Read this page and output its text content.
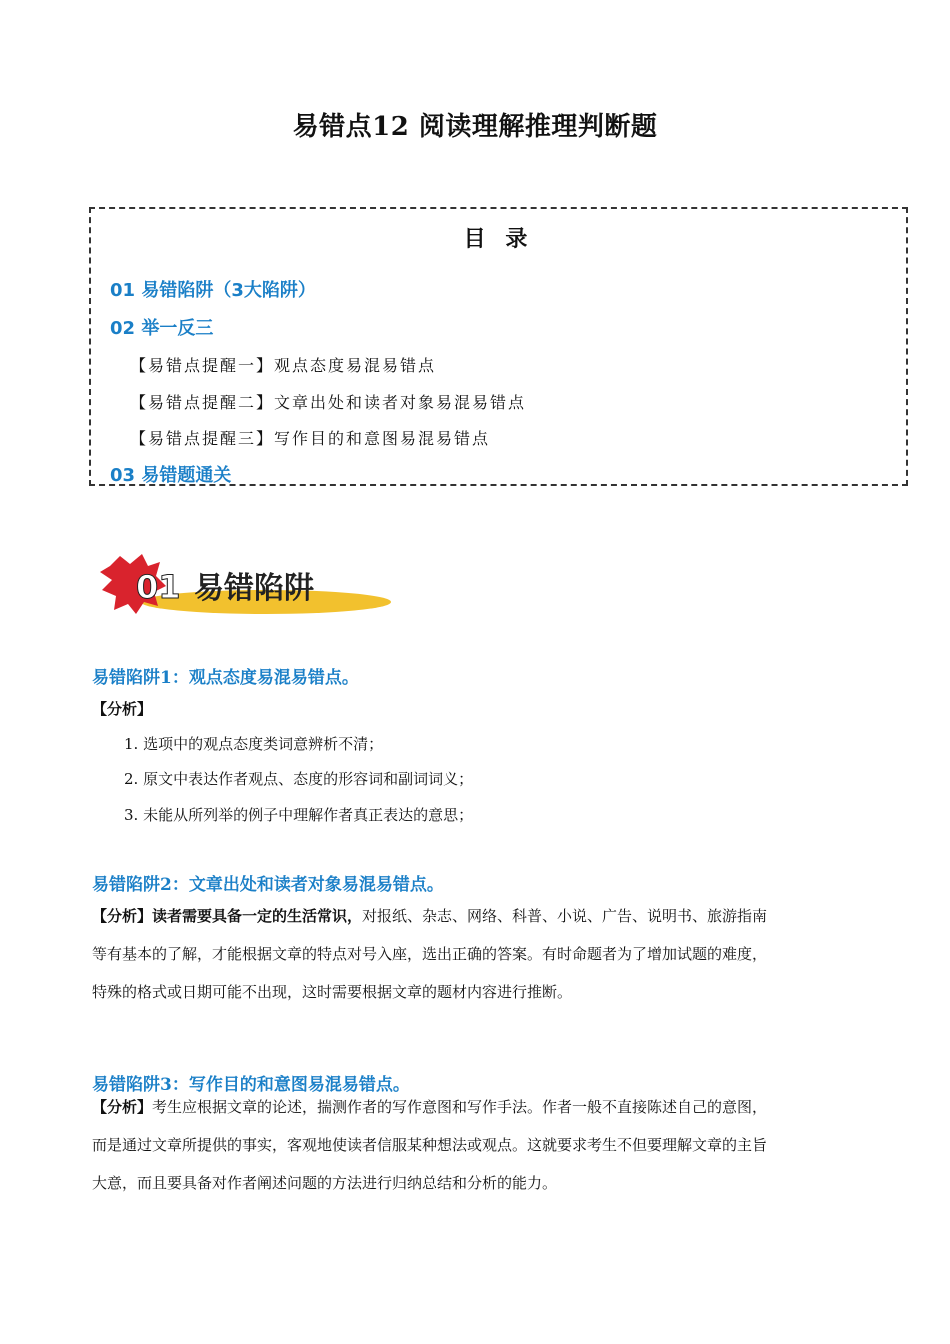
易错点12 阅读理解推理判断题
目 录
01 易错陷阱（3大陷阱）
02 举一反三
【易错点提醒一】观点态度易混易错点
【易错点提醒二】文章出处和读者对象易混易错点
【易错点提醒三】写作目的和意图易混易错点
03 易错题通关
01 易错陷阱
易错陷阱1：观点态度易混易错点。
【分析】
1. 选项中的观点态度类词意辨析不清；
2. 原文中表达作者观点、态度的形容词和副词词义；
3. 未能从所列举的例子中理解作者真正表达的意思；
易错陷阱2：文章出处和读者对象易混易错点。
【分析】读者需要具备一定的生活常识，对报纸、杂志、网络、科普、小说、广告、说明书、旅游指南
等有基本的了解，才能根据文章的特点对号入座，选出正确的答案。有时命题者为了增加试题的难度，
特殊的格式或日期可能不出现，这时需要根据文章的题材内容进行推断。
易错陷阱3：写作目的和意图易混易错点。
【分析】考生应根据文章的论述，揣测作者的写作意图和写作手法。作者一般不直接陈述自己的意图，
而是通过文章所提供的事实，客观地使读者信服某种想法或观点。这就要求考生不但要理解文章的主旨
大意，而且要具备对作者阐述问题的方法进行归纳总结和分析的能力。
